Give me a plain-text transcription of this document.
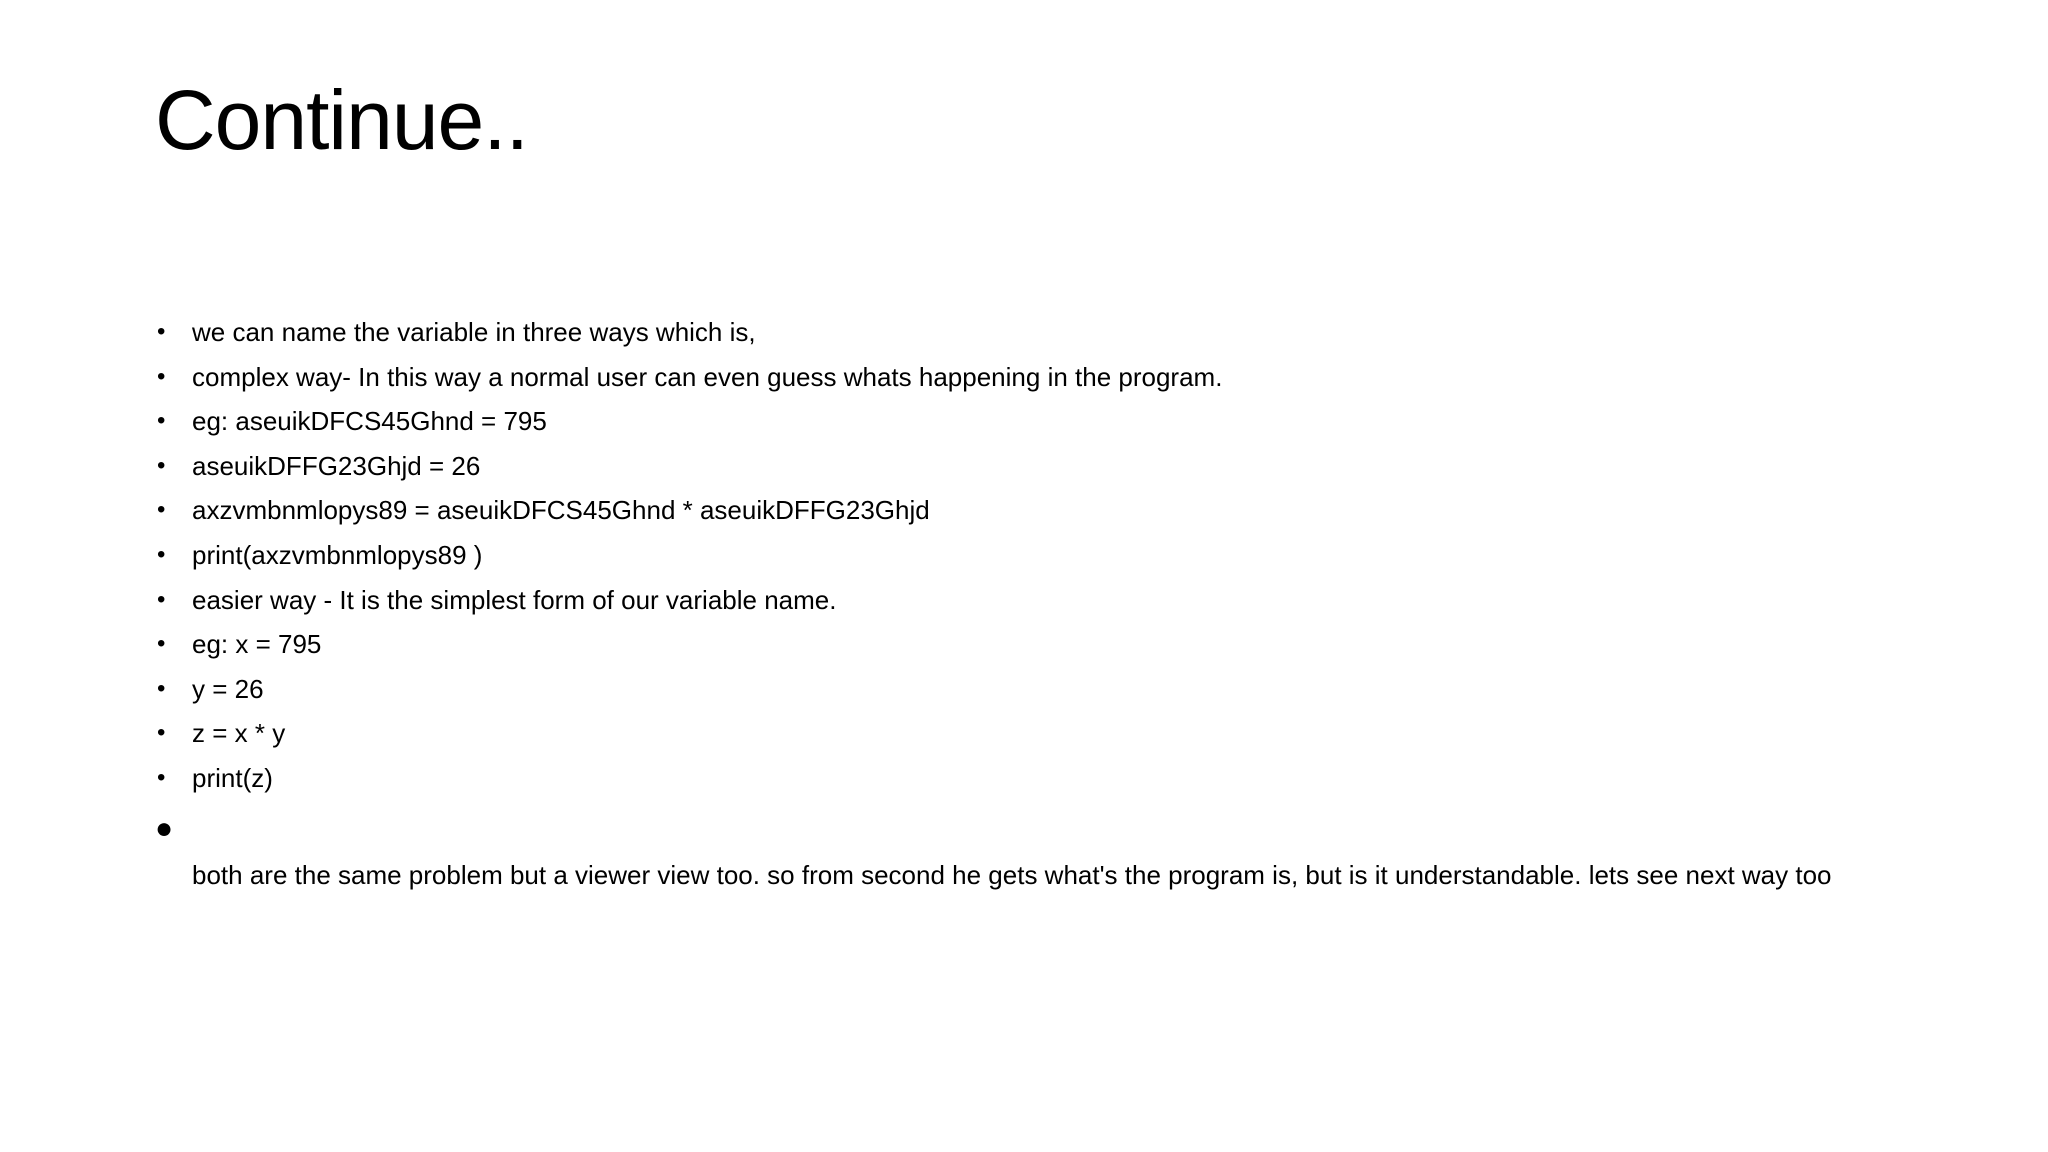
Continue..
• we can name the variable in three ways which is,
• complex way- In this way a normal user can even guess whats happening in the program.
• eg: aseuikDFCS45Ghnd = 795
• aseuikDFFG23Ghjd = 26
• axzvmbnmlopys89 = aseuikDFCS45Ghnd * aseuikDFFG23Ghjd
• print(axzvmbnmlopys89 )
• easier way - It is the simplest form of our variable name.
• eg: x = 795
• y = 26
• z = x * y
• print(z)
●
both are the same problem but a viewer view too. so from second he gets what's the program is, but is it understandable. lets see next way too
